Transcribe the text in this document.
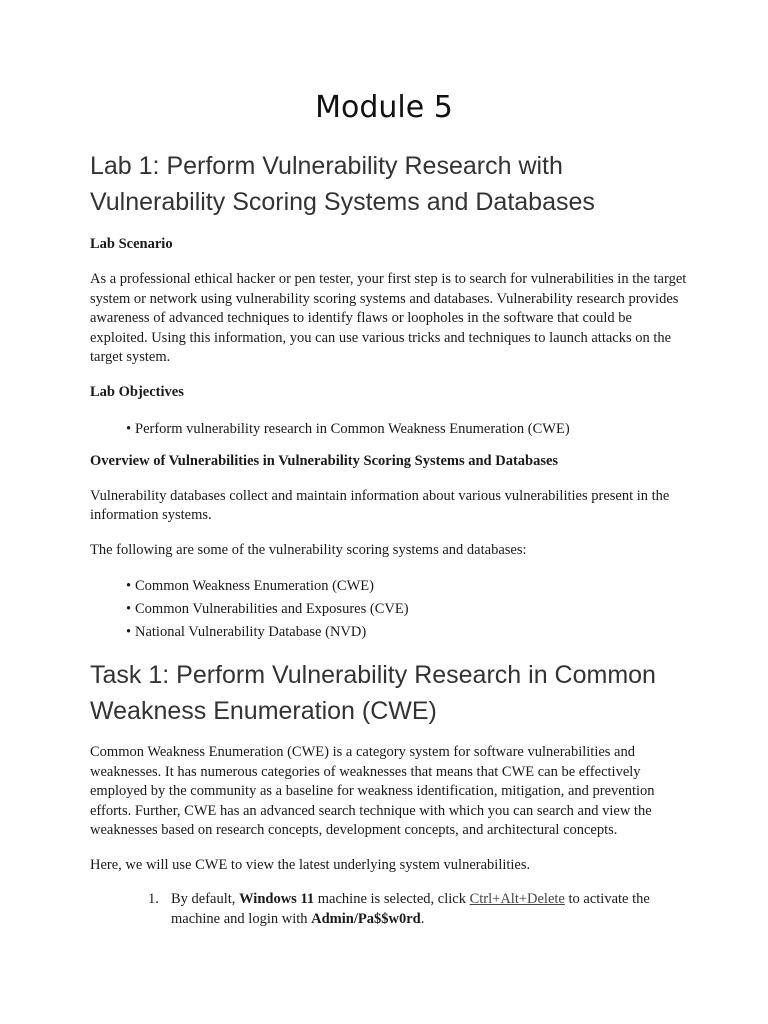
Module 5
Lab 1: Perform Vulnerability Research with Vulnerability Scoring Systems and Databases
Lab Scenario

As a professional ethical hacker or pen tester, your first step is to search for vulnerabilities in the target system or network using vulnerability scoring systems and databases. Vulnerability research provides awareness of advanced techniques to identify flaws or loopholes in the software that could be exploited. Using this information, you can use various tricks and techniques to launch attacks on the target system.

Lab Objectives
• Perform vulnerability research in Common Weakness Enumeration (CWE)
Overview of Vulnerabilities in Vulnerability Scoring Systems and Databases

Vulnerability databases collect and maintain information about various vulnerabilities present in the information systems.

The following are some of the vulnerability scoring systems and databases:

• Common Weakness Enumeration (CWE)
• Common Vulnerabilities and Exposures (CVE)
• National Vulnerability Database (NVD)
Task 1: Perform Vulnerability Research in Common Weakness Enumeration (CWE)

Common Weakness Enumeration (CWE) is a category system for software vulnerabilities and weaknesses. It has numerous categories of weaknesses that means that CWE can be effectively employed by the community as a baseline for weakness identification, mitigation, and prevention efforts. Further, CWE has an advanced search technique with which you can search and view the weaknesses based on research concepts, development concepts, and architectural concepts.

Here, we will use CWE to view the latest underlying system vulnerabilities.

1. By default, Windows 11 machine is selected, click Ctrl+Alt+Delete to activate the machine and login with Admin/Pa$$w0rd.
